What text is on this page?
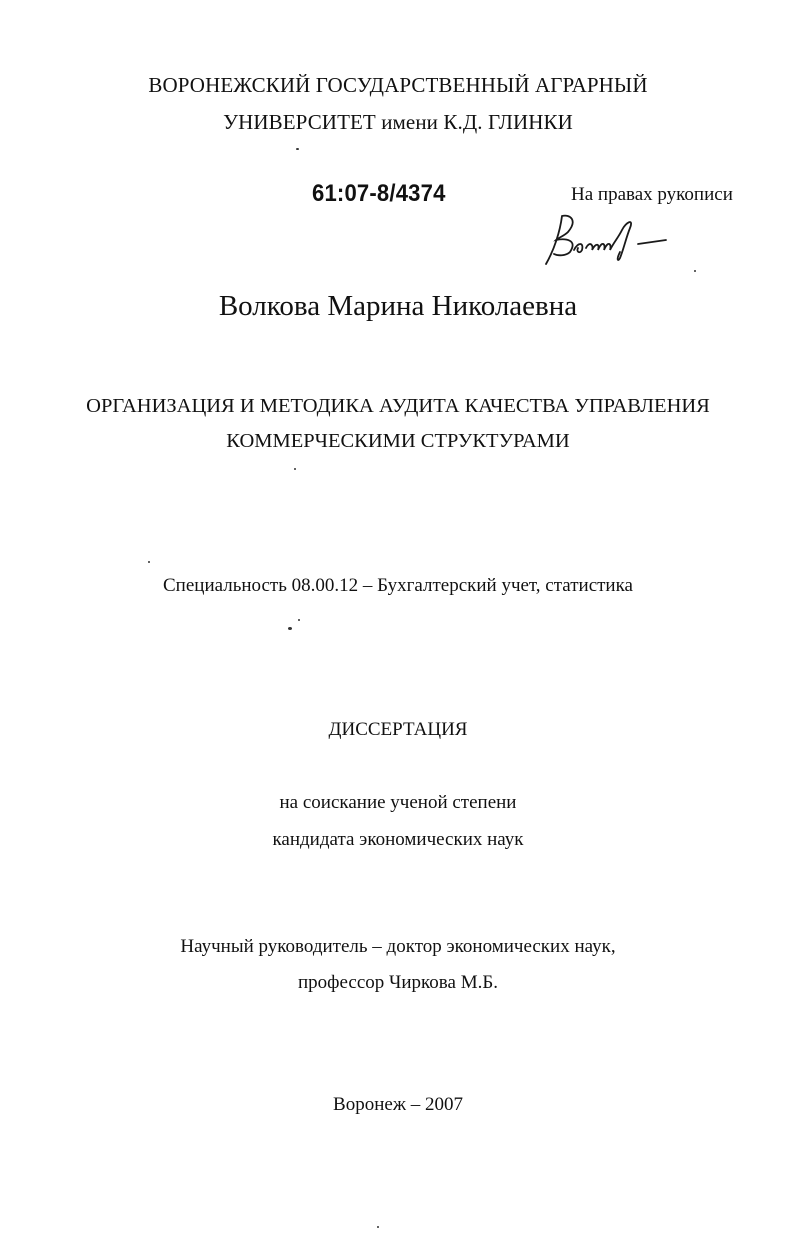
ВОРОНЕЖСКИЙ ГОСУДАРСТВЕННЫЙ АГРАРНЫЙ
УНИВЕРСИТЕТ имени К.Д. ГЛИНКИ
61:07-8/4374	На правах рукописи
Волкова Марина Николаевна
ОРГАНИЗАЦИЯ И МЕТОДИКА АУДИТА КАЧЕСТВА УПРАВЛЕНИЯ
КОММЕРЧЕСКИМИ СТРУКТУРАМИ
Специальность 08.00.12 – Бухгалтерский учет, статистика
ДИССЕРТАЦИЯ
на соискание ученой степени
кандидата экономических наук
Научный руководитель – доктор экономических наук,
профессор Чиркова М.Б.
Воронеж – 2007
